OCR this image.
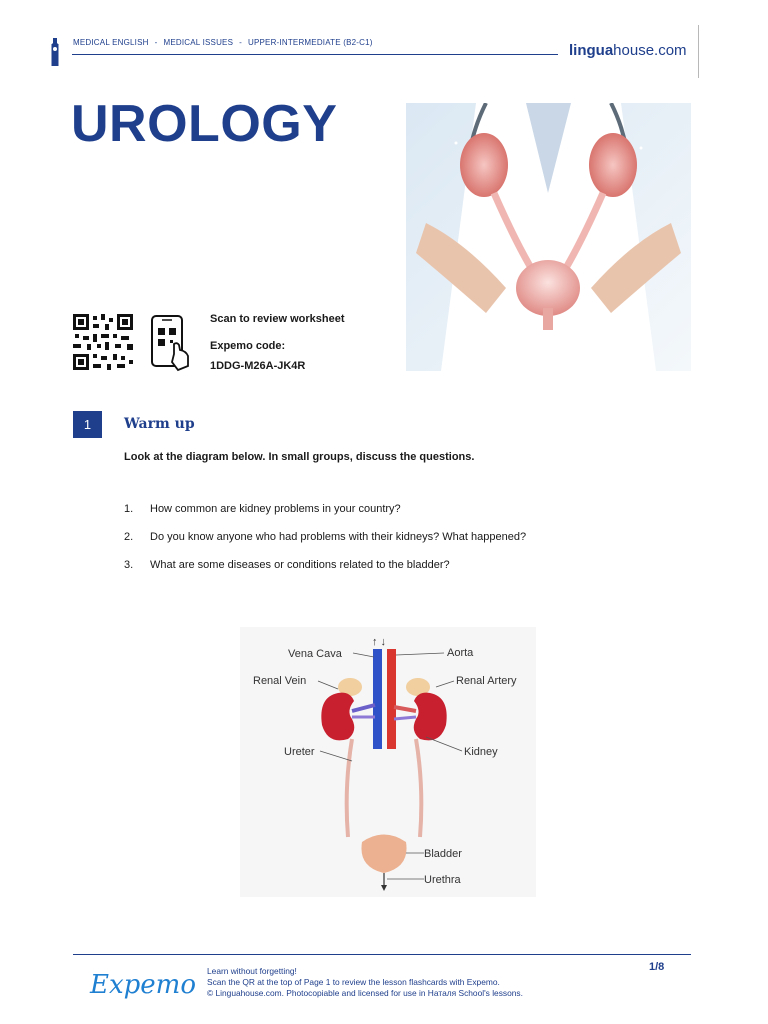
MEDICAL ENGLISH - MEDICAL ISSUES - UPPER-INTERMEDIATE (B2-C1)	linguahouse.com
UROLOGY
Scan to review worksheet
Expemo code:
1DDG-M26A-JK4R
1	Warm up
Look at the diagram below. In small groups, discuss the questions.
1. How common are kidney problems in your country?
2. Do you know anyone who had problems with their kidneys? What happened?
3. What are some diseases or conditions related to the bladder?
↑ ↓
Vena Cava	Aorta
Renal Vein	Renal Artery
Ureter	Kidney
Bladder
Urethra
Expemo Learn without forgetting!
Scan the QR at the top of Page 1 to review the lesson flashcards with Expemo.
© Linguahouse.com. Photocopiable and licensed for use in Наталя School's lessons.
1/8
